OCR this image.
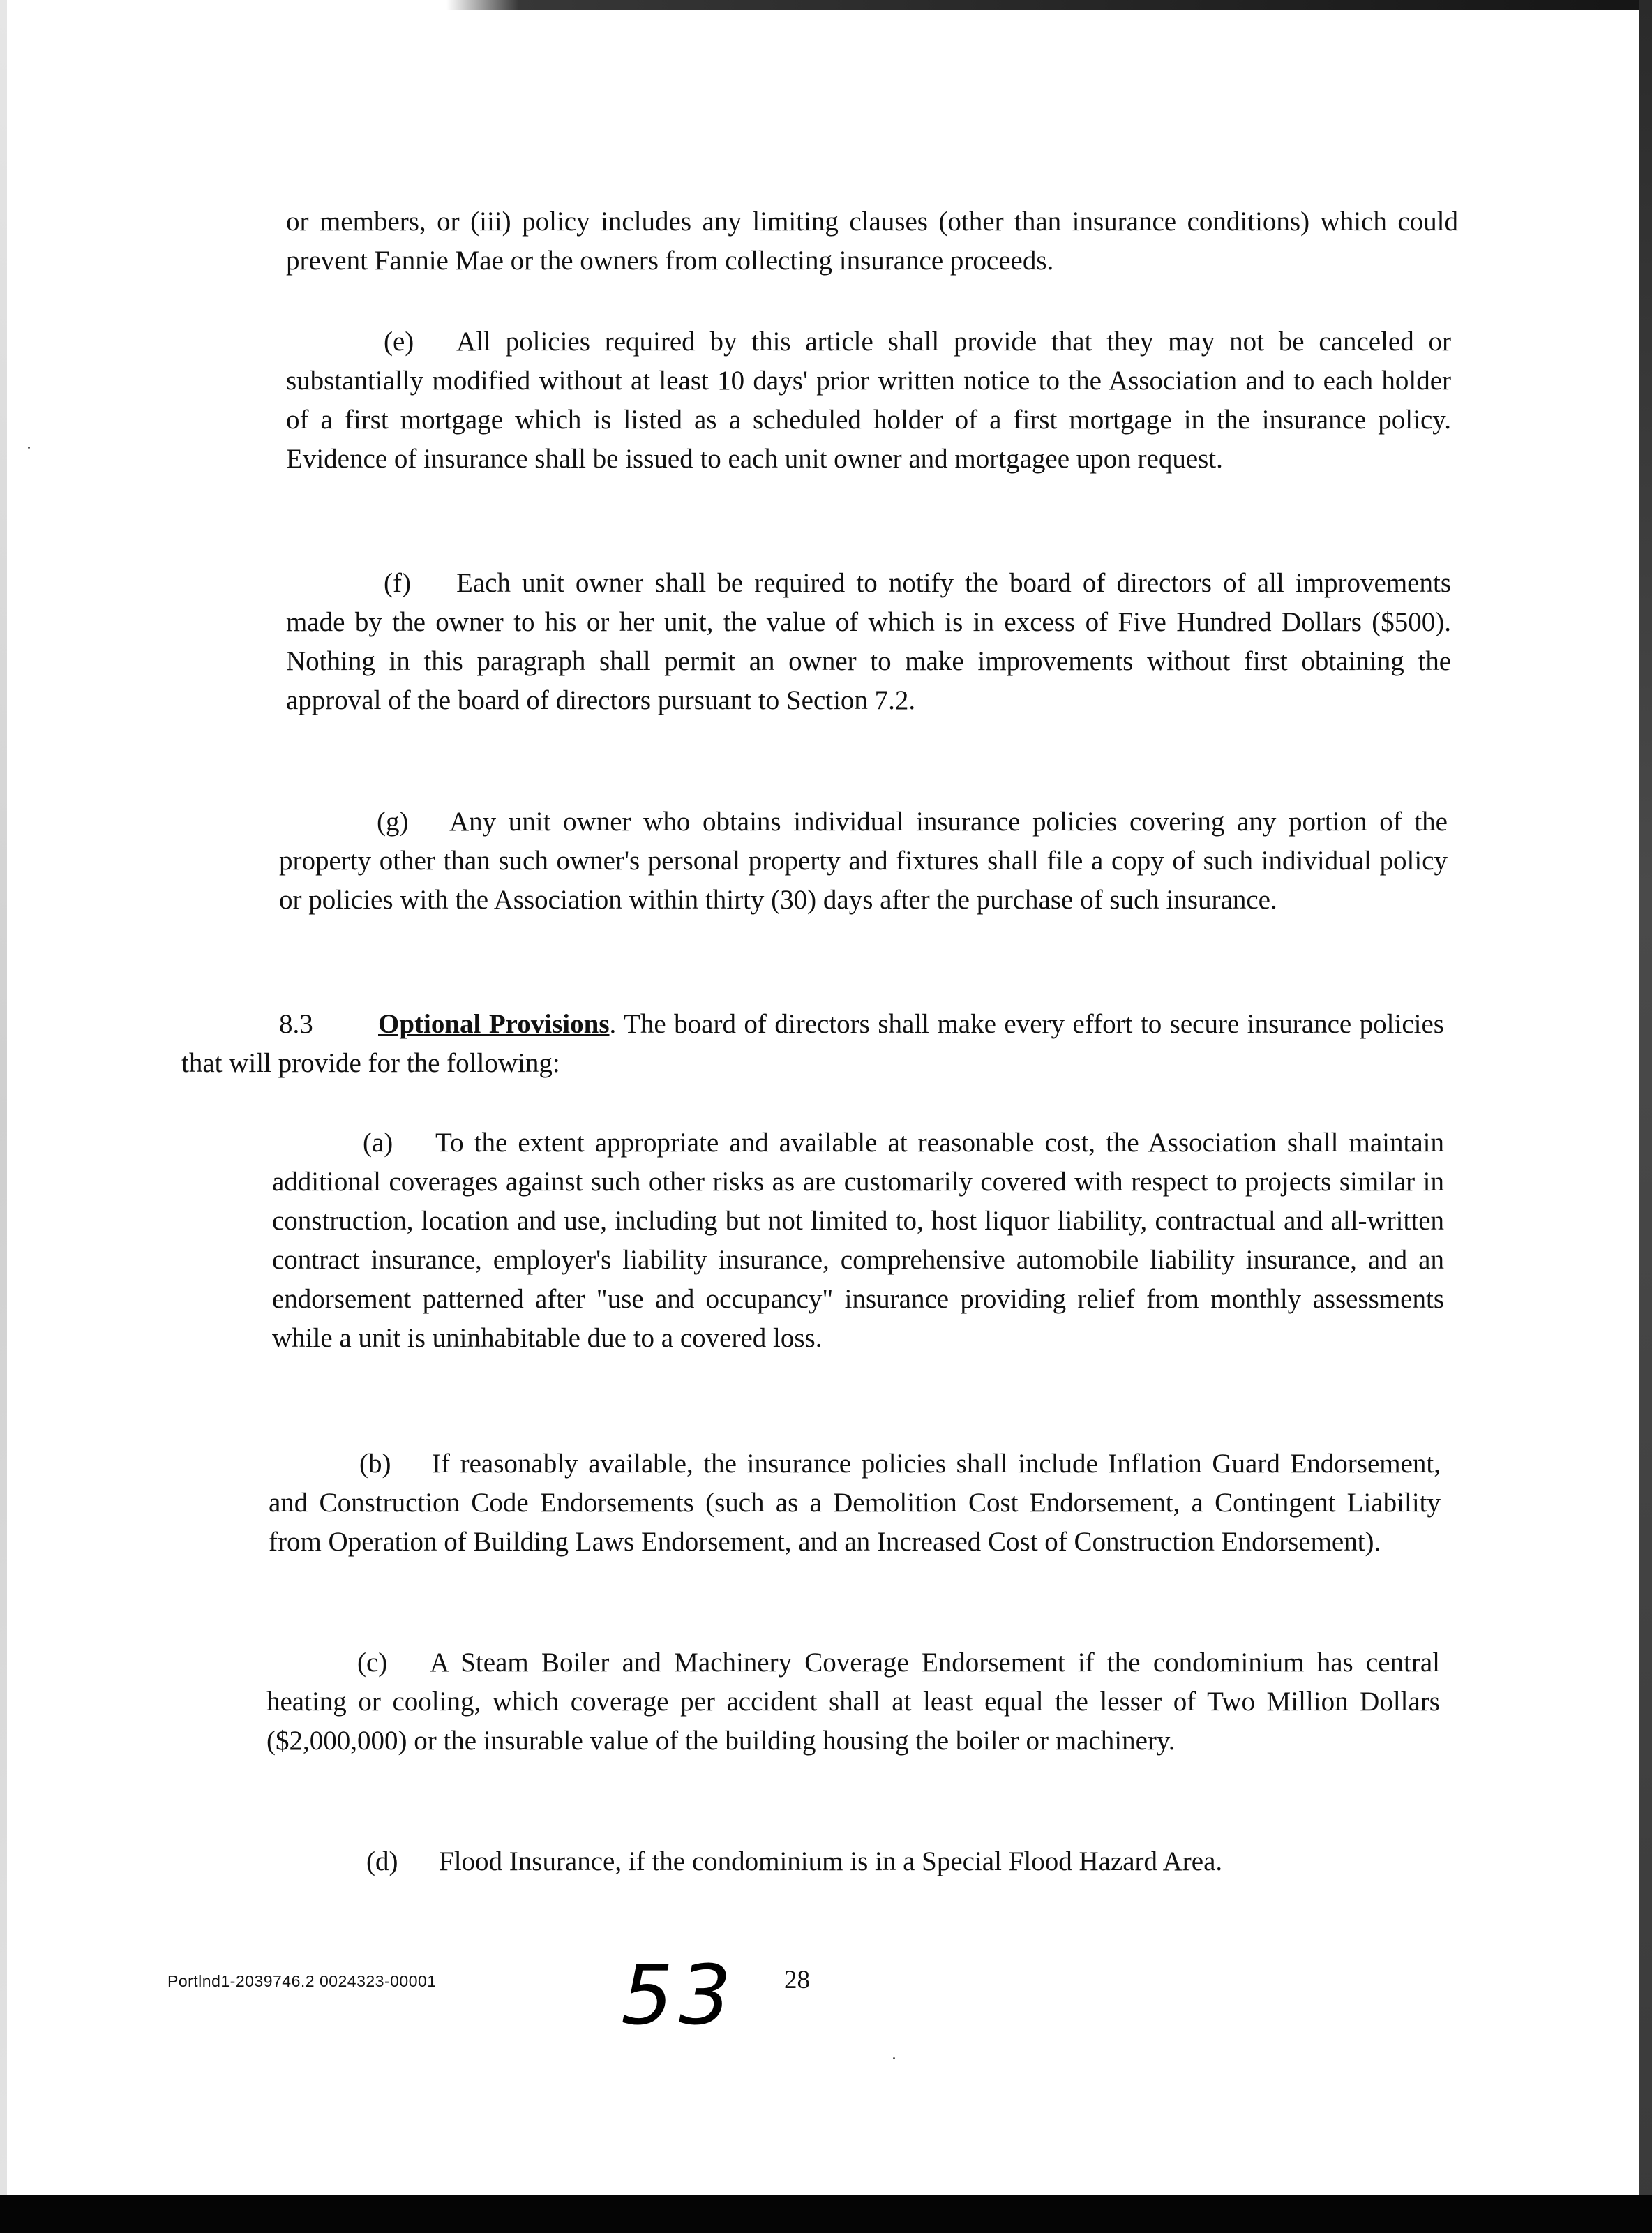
or members, or (iii) policy includes any limiting clauses (other than insurance conditions) which could prevent Fannie Mae or the owners from collecting insurance proceeds.

(e) All policies required by this article shall provide that they may not be canceled or substantially modified without at least 10 days' prior written notice to the Association and to each holder of a first mortgage which is listed as a scheduled holder of a first mortgage in the insurance policy. Evidence of insurance shall be issued to each unit owner and mortgagee upon request.

(f) Each unit owner shall be required to notify the board of directors of all improvements made by the owner to his or her unit, the value of which is in excess of Five Hundred Dollars ($500). Nothing in this paragraph shall permit an owner to make improvements without first obtaining the approval of the board of directors pursuant to Section 7.2.

(g) Any unit owner who obtains individual insurance policies covering any portion of the property other than such owner's personal property and fixtures shall file a copy of such individual policy or policies with the Association within thirty (30) days after the purchase of such insurance.

8.3 Optional Provisions. The board of directors shall make every effort to secure insurance policies that will provide for the following:

(a) To the extent appropriate and available at reasonable cost, the Association shall maintain additional coverages against such other risks as are customarily covered with respect to projects similar in construction, location and use, including but not limited to, host liquor liability, contractual and all-written contract insurance, employer's liability insurance, comprehensive automobile liability insurance, and an endorsement patterned after "use and occupancy" insurance providing relief from monthly assessments while a unit is uninhabitable due to a covered loss.

(b) If reasonably available, the insurance policies shall include Inflation Guard Endorsement, and Construction Code Endorsements (such as a Demolition Cost Endorsement, a Contingent Liability from Operation of Building Laws Endorsement, and an Increased Cost of Construction Endorsement).

(c) A Steam Boiler and Machinery Coverage Endorsement if the condominium has central heating or cooling, which coverage per accident shall at least equal the lesser of Two Million Dollars ($2,000,000) or the insurable value of the building housing the boiler or machinery.

(d) Flood Insurance, if the condominium is in a Special Flood Hazard Area.

Portlnd1-2039746.2 0024323-00001 53 28
